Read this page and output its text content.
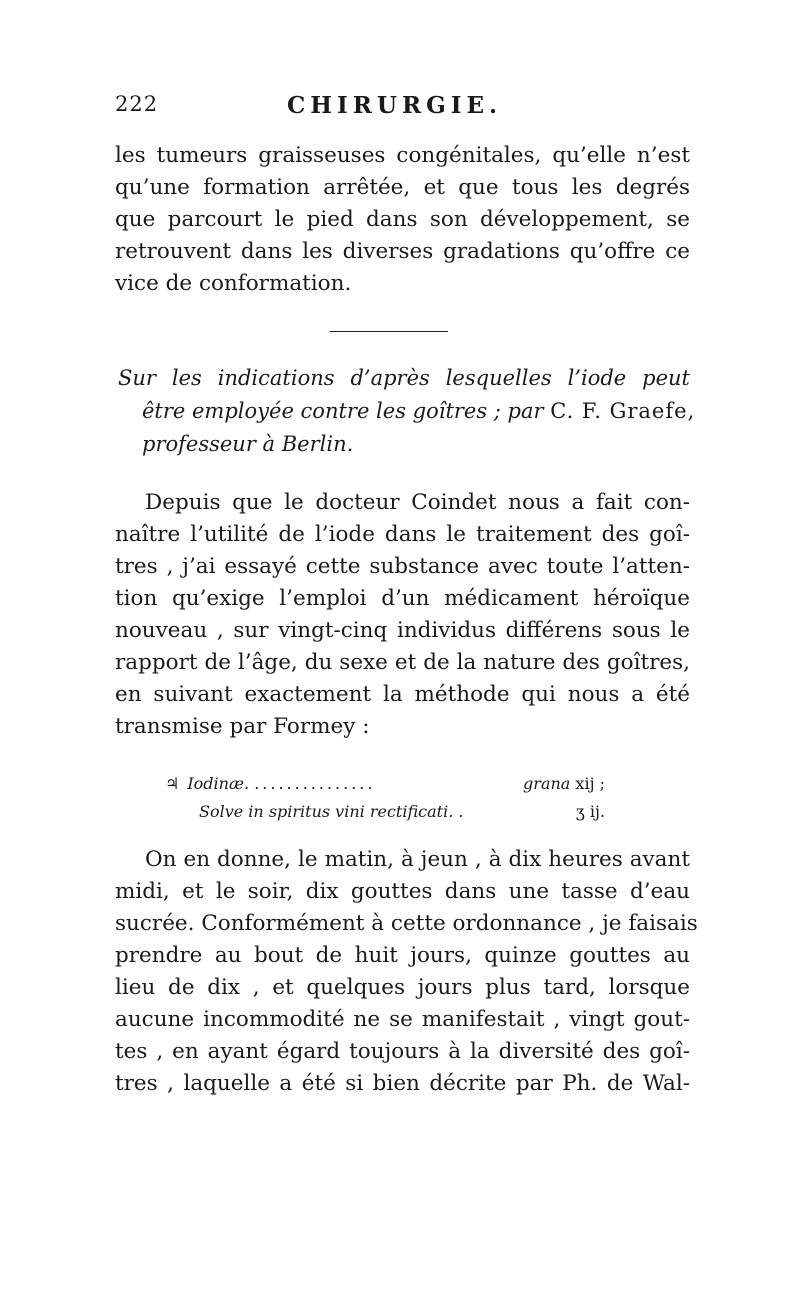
222	CHIRURGIE.
les tumeurs graisseuses congénitales, qu’elle n’est
qu’une formation arrêtée, et que tous les degrés
que parcourt le pied dans son développement, se
retrouvent dans les diverses gradations qu’offre ce
vice de conformation.
Sur les indications d’après lesquelles l’iode peut
être employée contre les goîtres ; par C. F. Graefe,
professeur à Berlin.
Depuis que le docteur Coindet nous a fait con-
naître l’utilité de l’iode dans le traitement des goî-
tres , j’ai essayé cette substance avec toute l’atten-
tion qu’exige l’emploi d’un médicament héroïque
nouveau , sur vingt-cinq individus différens sous le
rapport de l’âge, du sexe et de la nature des goîtres,
en suivant exactement la méthode qui nous a été
transmise par Formey :
♃ Iodinæ. ...............	grana xij ;
Solve in spiritus vini rectificati. .	ʒ ij.
On en donne, le matin, à jeun , à dix heures avant
midi, et le soir, dix gouttes dans une tasse d’eau
sucrée. Conformément à cette ordonnance , je faisais
prendre au bout de huit jours, quinze gouttes au
lieu de dix , et quelques jours plus tard, lorsque
aucune incommodité ne se manifestait , vingt gout-
tes , en ayant égard toujours à la diversité des goî-
tres , laquelle a été si bien décrite par Ph. de Wal-
